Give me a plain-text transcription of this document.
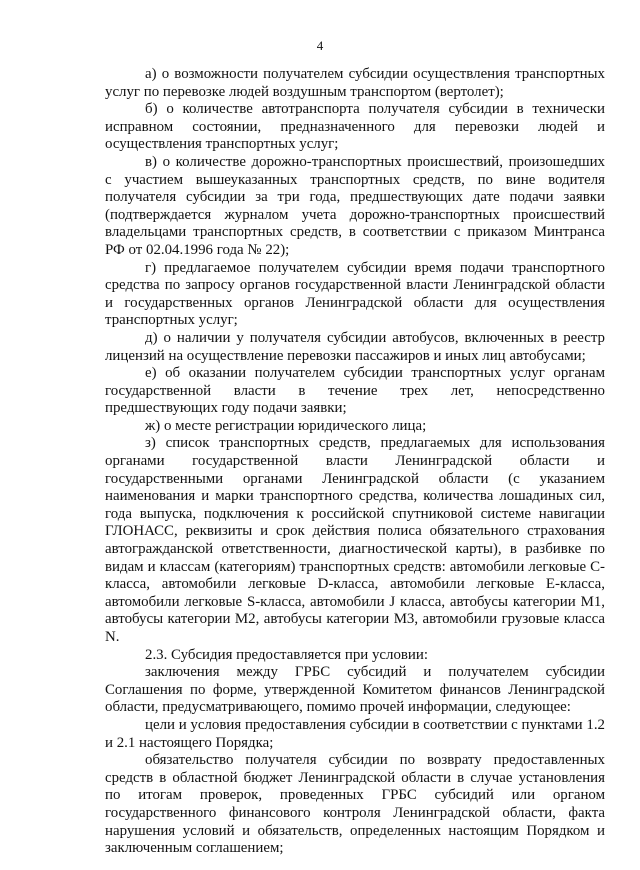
4

а) о возможности получателем субсидии осуществления транспортных услуг по перевозке людей воздушным транспортом (вертолет);

б) о количестве автотранспорта получателя субсидии в технически исправном состоянии, предназначенного для перевозки людей и осуществления транспортных услуг;

в) о количестве дорожно-транспортных происшествий, произошедших с участием вышеуказанных транспортных средств, по вине водителя получателя субсидии за три года, предшествующих дате подачи заявки (подтверждается журналом учета дорожно-транспортных происшествий владельцами транспортных средств, в соответствии с приказом Минтранса РФ от 02.04.1996 года № 22);

г) предлагаемое получателем субсидии время подачи транспортного средства по запросу органов государственной власти Ленинградской области и государственных органов Ленинградской области для осуществления транспортных услуг;

д) о наличии у получателя субсидии автобусов, включенных в реестр лицензий на осуществление перевозки пассажиров и иных лиц автобусами;

е) об оказании получателем субсидии транспортных услуг органам государственной власти в течение трех лет, непосредственно предшествующих году подачи заявки;

ж) о месте регистрации юридического лица;

з) список транспортных средств, предлагаемых для использования органами государственной власти Ленинградской области и государственными органами Ленинградской области (с указанием наименования и марки транспортного средства, количества лошадиных сил, года выпуска, подключения к российской спутниковой системе навигации ГЛОНАСС, реквизиты и срок действия полиса обязательного страхования автогражданской ответственности, диагностической карты), в разбивке по видам и классам (категориям) транспортных средств: автомобили легковые С-класса, автомобили легковые D-класса, автомобили легковые E-класса, автомобили легковые S-класса, автомобили J класса, автобусы категории M1, автобусы категории M2, автобусы категории M3, автомобили грузовые класса N.

2.3. Субсидия предоставляется при условии:

заключения между ГРБС субсидий и получателем субсидии Соглашения по форме, утвержденной Комитетом финансов Ленинградской области, предусматривающего, помимо прочей информации, следующее:

цели и условия предоставления субсидии в соответствии с пунктами 1.2 и 2.1 настоящего Порядка;

обязательство получателя субсидии по возврату предоставленных средств в областной бюджет Ленинградской области в случае установления по итогам проверок, проведенных ГРБС субсидий или органом государственного финансового контроля Ленинградской области, факта нарушения условий и обязательств, определенных настоящим Порядком и заключенным соглашением;
